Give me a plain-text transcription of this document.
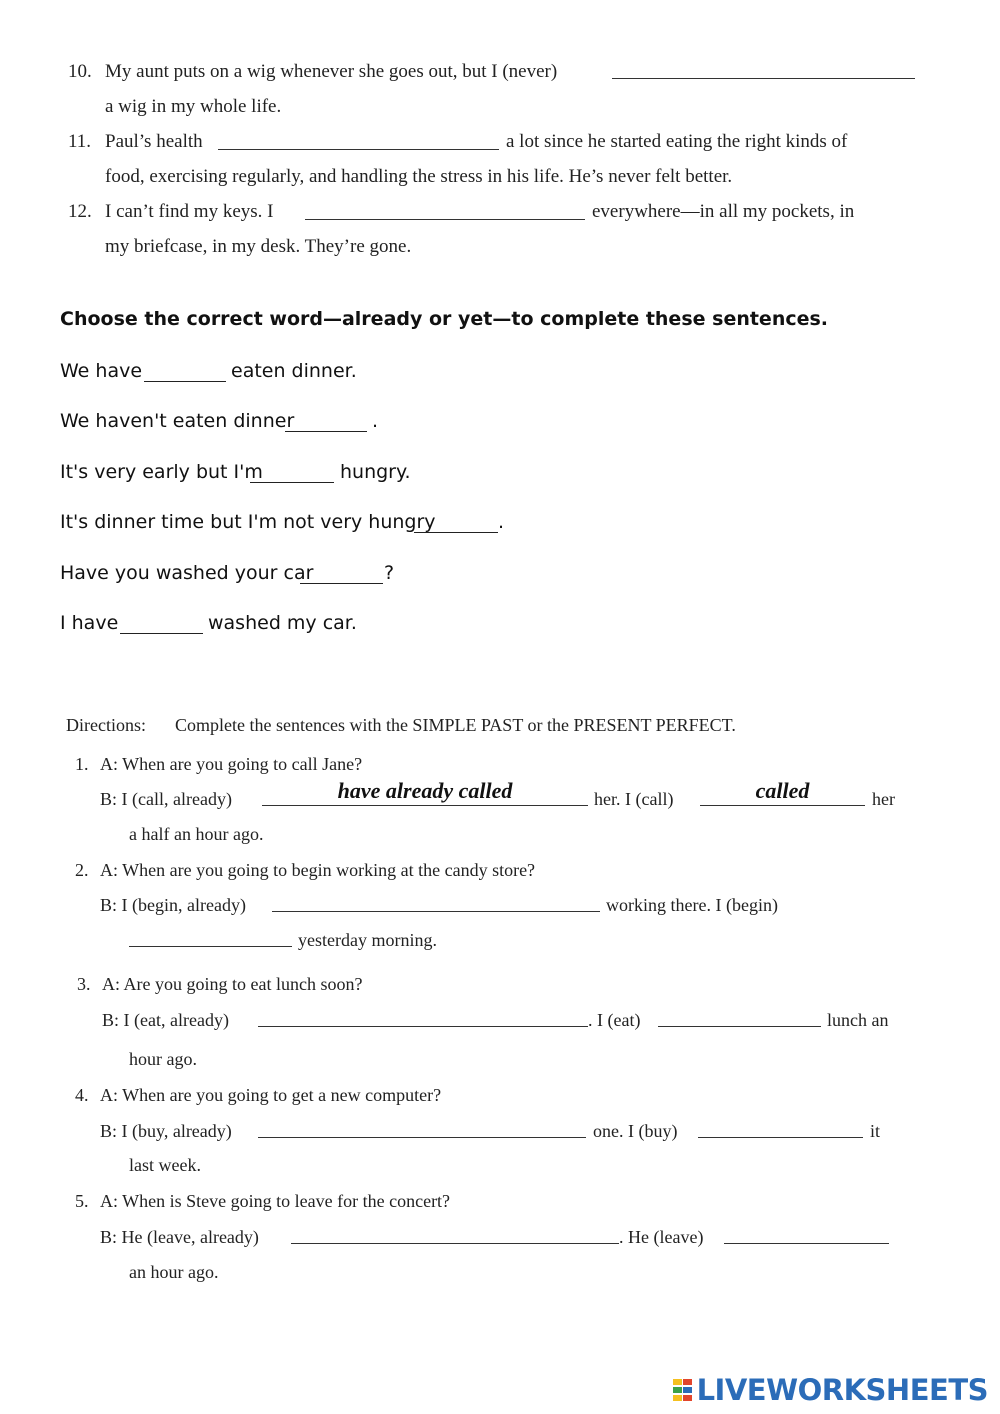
10. My aunt puts on a wig whenever she goes out, but I (never)
a wig in my whole life.
11. Paul’s health	a lot since he started eating the right kinds of
food, exercising regularly, and handling the stress in his life. He’s never felt better.
12. I can’t find my keys. I	everywhere—in all my pockets, in
my briefcase, in my desk. They’re gone.
Choose the correct word—already or yet—to complete these sentences.
We have	eaten dinner.
We haven't eaten dinner	.
It's very early but I'm	hungry.
It's dinner time but I'm not very hungry	.
Have you washed your car	?
I have	washed my car.
Directions: Complete the sentences with the SIMPLE PAST or the PRESENT PERFECT.
1. A: When are you going to call Jane?
B: I (call, already)	have already called	her. I (call)	called	her
a half an hour ago.
2. A: When are you going to begin working at the candy store?
B: I (begin, already)	working there. I (begin)
yesterday morning.
3. A: Are you going to eat lunch soon?
B: I (eat, already)	. I (eat)	lunch an
hour ago.
4. A: When are you going to get a new computer?
B: I (buy, already)	one. I (buy)	it
last week.
5. A: When is Steve going to leave for the concert?
B: He (leave, already)	. He (leave)
an hour ago.
LIVEWORKSHEETS
